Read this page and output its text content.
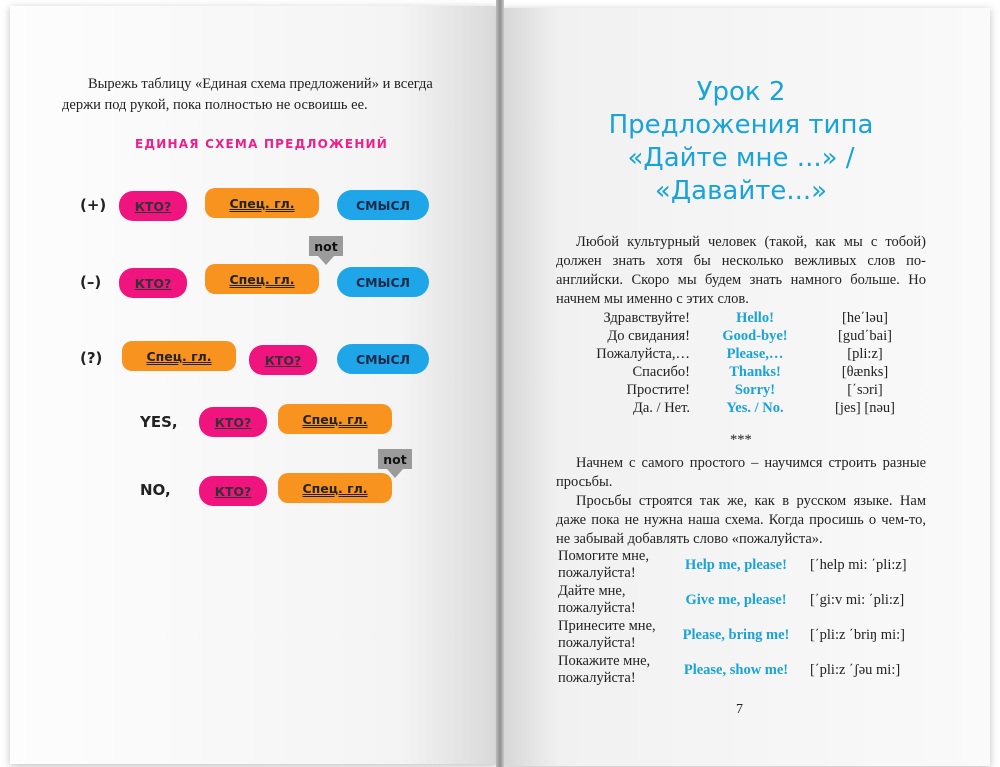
Вырежь таблицу «Единая схема предложений» и всегда держи под рукой, пока полностью не освоишь ее.
ЕДИНАЯ СХЕМА ПРЕДЛОЖЕНИЙ
(+)	КТО?	Спец. гл.	СМЫСЛ
(–)	КТО?	Спец. гл.
not
СМЫСЛ
(?)	Спец. гл.	КТО?	СМЫСЛ
YES,	КТО?	Спец. гл.
NO,	КТО?	Спец. гл.
not
Урок 2
Предложения типа
«Дайте мне ...» /
«Давайте...»
Любой культурный человек (такой, как мы с тобой) должен знать хотя бы несколько вежливых слов по-английски. Скоро мы будем знать намного больше. Но начнем мы именно с этих слов.
Здравствуйте!	Hello!	[he΄ləu]
До свидания!	Good-bye!	[gud΄bai]
Пожалуйста,…	Please,…	[pli:z]
Спасибо!	Thanks!	[θænks]
Простите!	Sorry!	[΄sɔri]
Да. / Нет.	Yes. / No.	[jes] [nəu]
***
Начнем с самого простого – научимся строить разные просьбы.
Просьбы строятся так же, как в русском языке. Нам даже пока не нужна наша схема. Когда просишь о чем-то, не забывай добавлять слово «пожалуйста».
Помогите мне,
пожалуйста!	Help me, please!	[΄help mi: ΄pli:z]
Дайте мне,
пожалуйста!	Give me, please!	[΄gi:v mi: ΄pli:z]
Принесите мне,
пожалуйста!	Please, bring me!	[΄pli:z ΄briŋ mi:]
Покажите мне,
пожалуйста!	Please, show me!	[΄pli:z ΄ʃəu mi:]
7
